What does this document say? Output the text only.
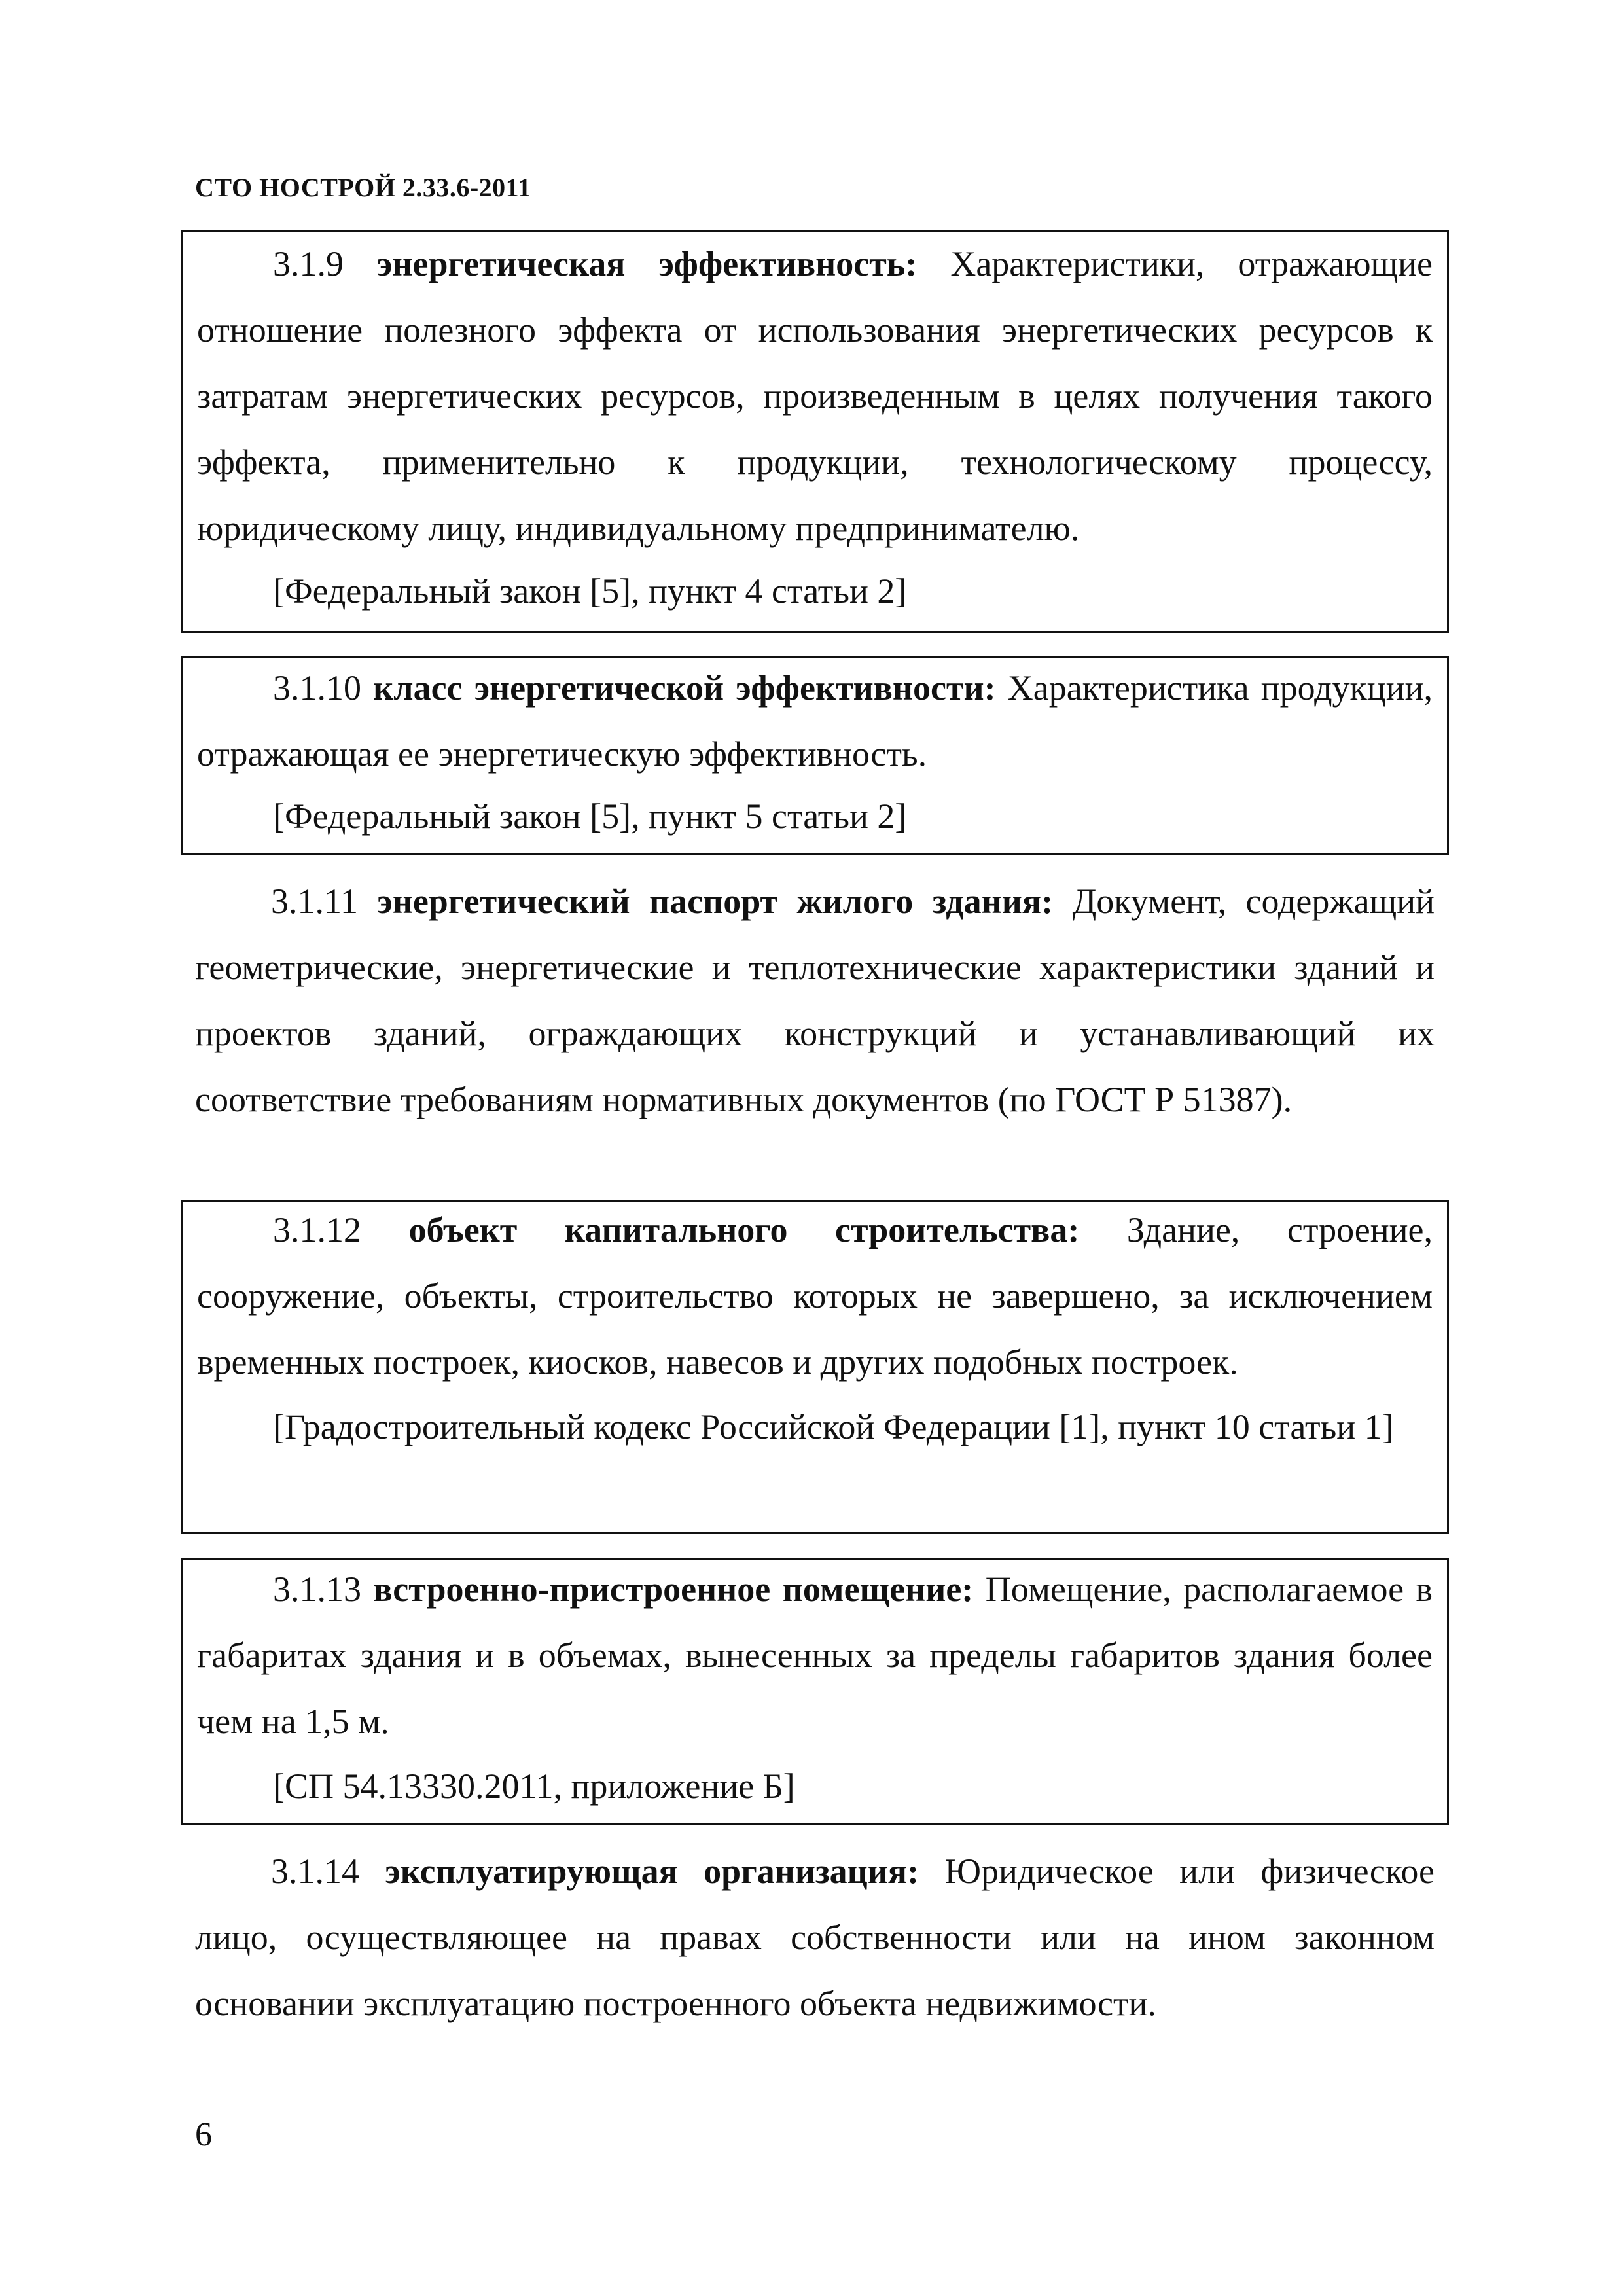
СТО НОСТРОЙ 2.33.6-2011
3.1.9 энергетическая эффективность: Характеристики, отражающие отношение полезного эффекта от использования энергетических ресурсов к затратам энергетических ресурсов, произведенным в целях получения такого эффекта, применительно к продукции, технологическому процессу, юридическому лицу, индивидуальному предпринимателю.
[Федеральный закон [5], пункт 4 статьи 2]
3.1.10 класс энергетической эффективности: Характеристика продукции, отражающая ее энергетическую эффективность.
[Федеральный закон [5], пункт 5 статьи 2]
3.1.11 энергетический паспорт жилого здания: Документ, содержащий геометрические, энергетические и теплотехнические характеристики зданий и проектов зданий, ограждающих конструкций и устанавливающий их соответствие требованиям нормативных документов (по ГОСТ Р 51387).
3.1.12 объект капитального строительства: Здание, строение, сооружение, объекты, строительство которых не завершено, за исключением временных построек, киосков, навесов и других подобных построек.
[Градостроительный кодекс Российской Федерации [1], пункт 10 статьи 1]
3.1.13 встроенно-пристроенное помещение: Помещение, располагаемое в габаритах здания и в объемах, вынесенных за пределы габаритов здания более чем на 1,5 м.
[СП 54.13330.2011, приложение Б]
3.1.14 эксплуатирующая организация: Юридическое или физическое лицо, осуществляющее на правах собственности или на ином законном основании эксплуатацию построенного объекта недвижимости.
6
